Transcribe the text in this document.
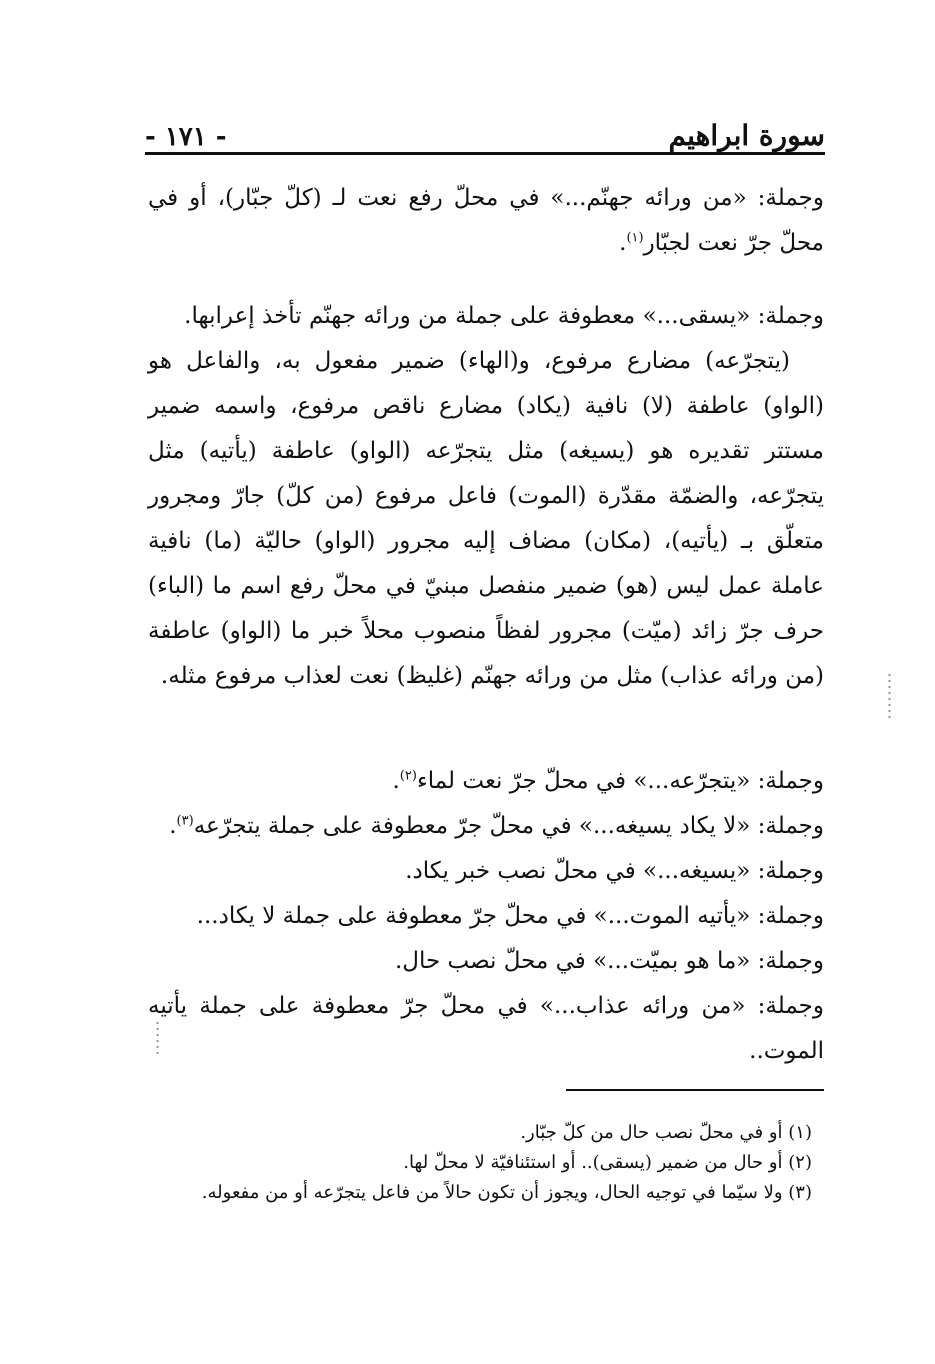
سورة ابراهيم
- ١٧١ -

وجملة: «من ورائه جهنّم...» في محلّ رفع نعت لـ (كلّ جبّار)، أو في محلّ جرّ نعت لجبّار$^{(١)}$.

وجملة: «يسقى...» معطوفة على جملة من ورائه جهنّم تأخذ إعرابها.

(يتجرّعه) مضارع مرفوع، و(الهاء) ضمير مفعول به، والفاعل هو (الواو) عاطفة (لا) نافية (يكاد) مضارع ناقص مرفوع، واسمه ضمير مستتر تقديره هو (يسيغه) مثل يتجرّعه (الواو) عاطفة (يأتيه) مثل يتجرّعه، والضمّة مقدّرة (الموت) فاعل مرفوع (من كلّ) جارّ ومجرور متعلّق بـ (يأتيه)، (مكان) مضاف إليه مجرور (الواو) حاليّة (ما) نافية عاملة عمل ليس (هو) ضمير منفصل مبنيّ في محلّ رفع اسم ما (الباء) حرف جرّ زائد (ميّت) مجرور لفظاً منصوب محلاً خبر ما (الواو) عاطفة (من ورائه عذاب) مثل من ورائه جهنّم (غليظ) نعت لعذاب مرفوع مثله.

وجملة: «يتجرّعه...» في محلّ جرّ نعت لماء$^{(٢)}$.

وجملة: «لا يكاد يسيغه...» في محلّ جرّ معطوفة على جملة يتجرّعه$^{(٣)}$.

وجملة: «يسيغه...» في محلّ نصب خبر يكاد.

وجملة: «يأتيه الموت...» في محلّ جرّ معطوفة على جملة لا يكاد...

وجملة: «ما هو بميّت...» في محلّ نصب حال.

وجملة: «من ورائه عذاب...» في محلّ جرّ معطوفة على جملة يأتيه الموت..

(١) أو في محلّ نصب حال من كلّ جبّار.

(٢) أو حال من ضمير (يسقى).. أو استئنافيّة لا محلّ لها.

(٣) ولا سيّما في توجيه الحال، ويجوز أن تكون حالاً من فاعل يتجرّعه أو من مفعوله.
